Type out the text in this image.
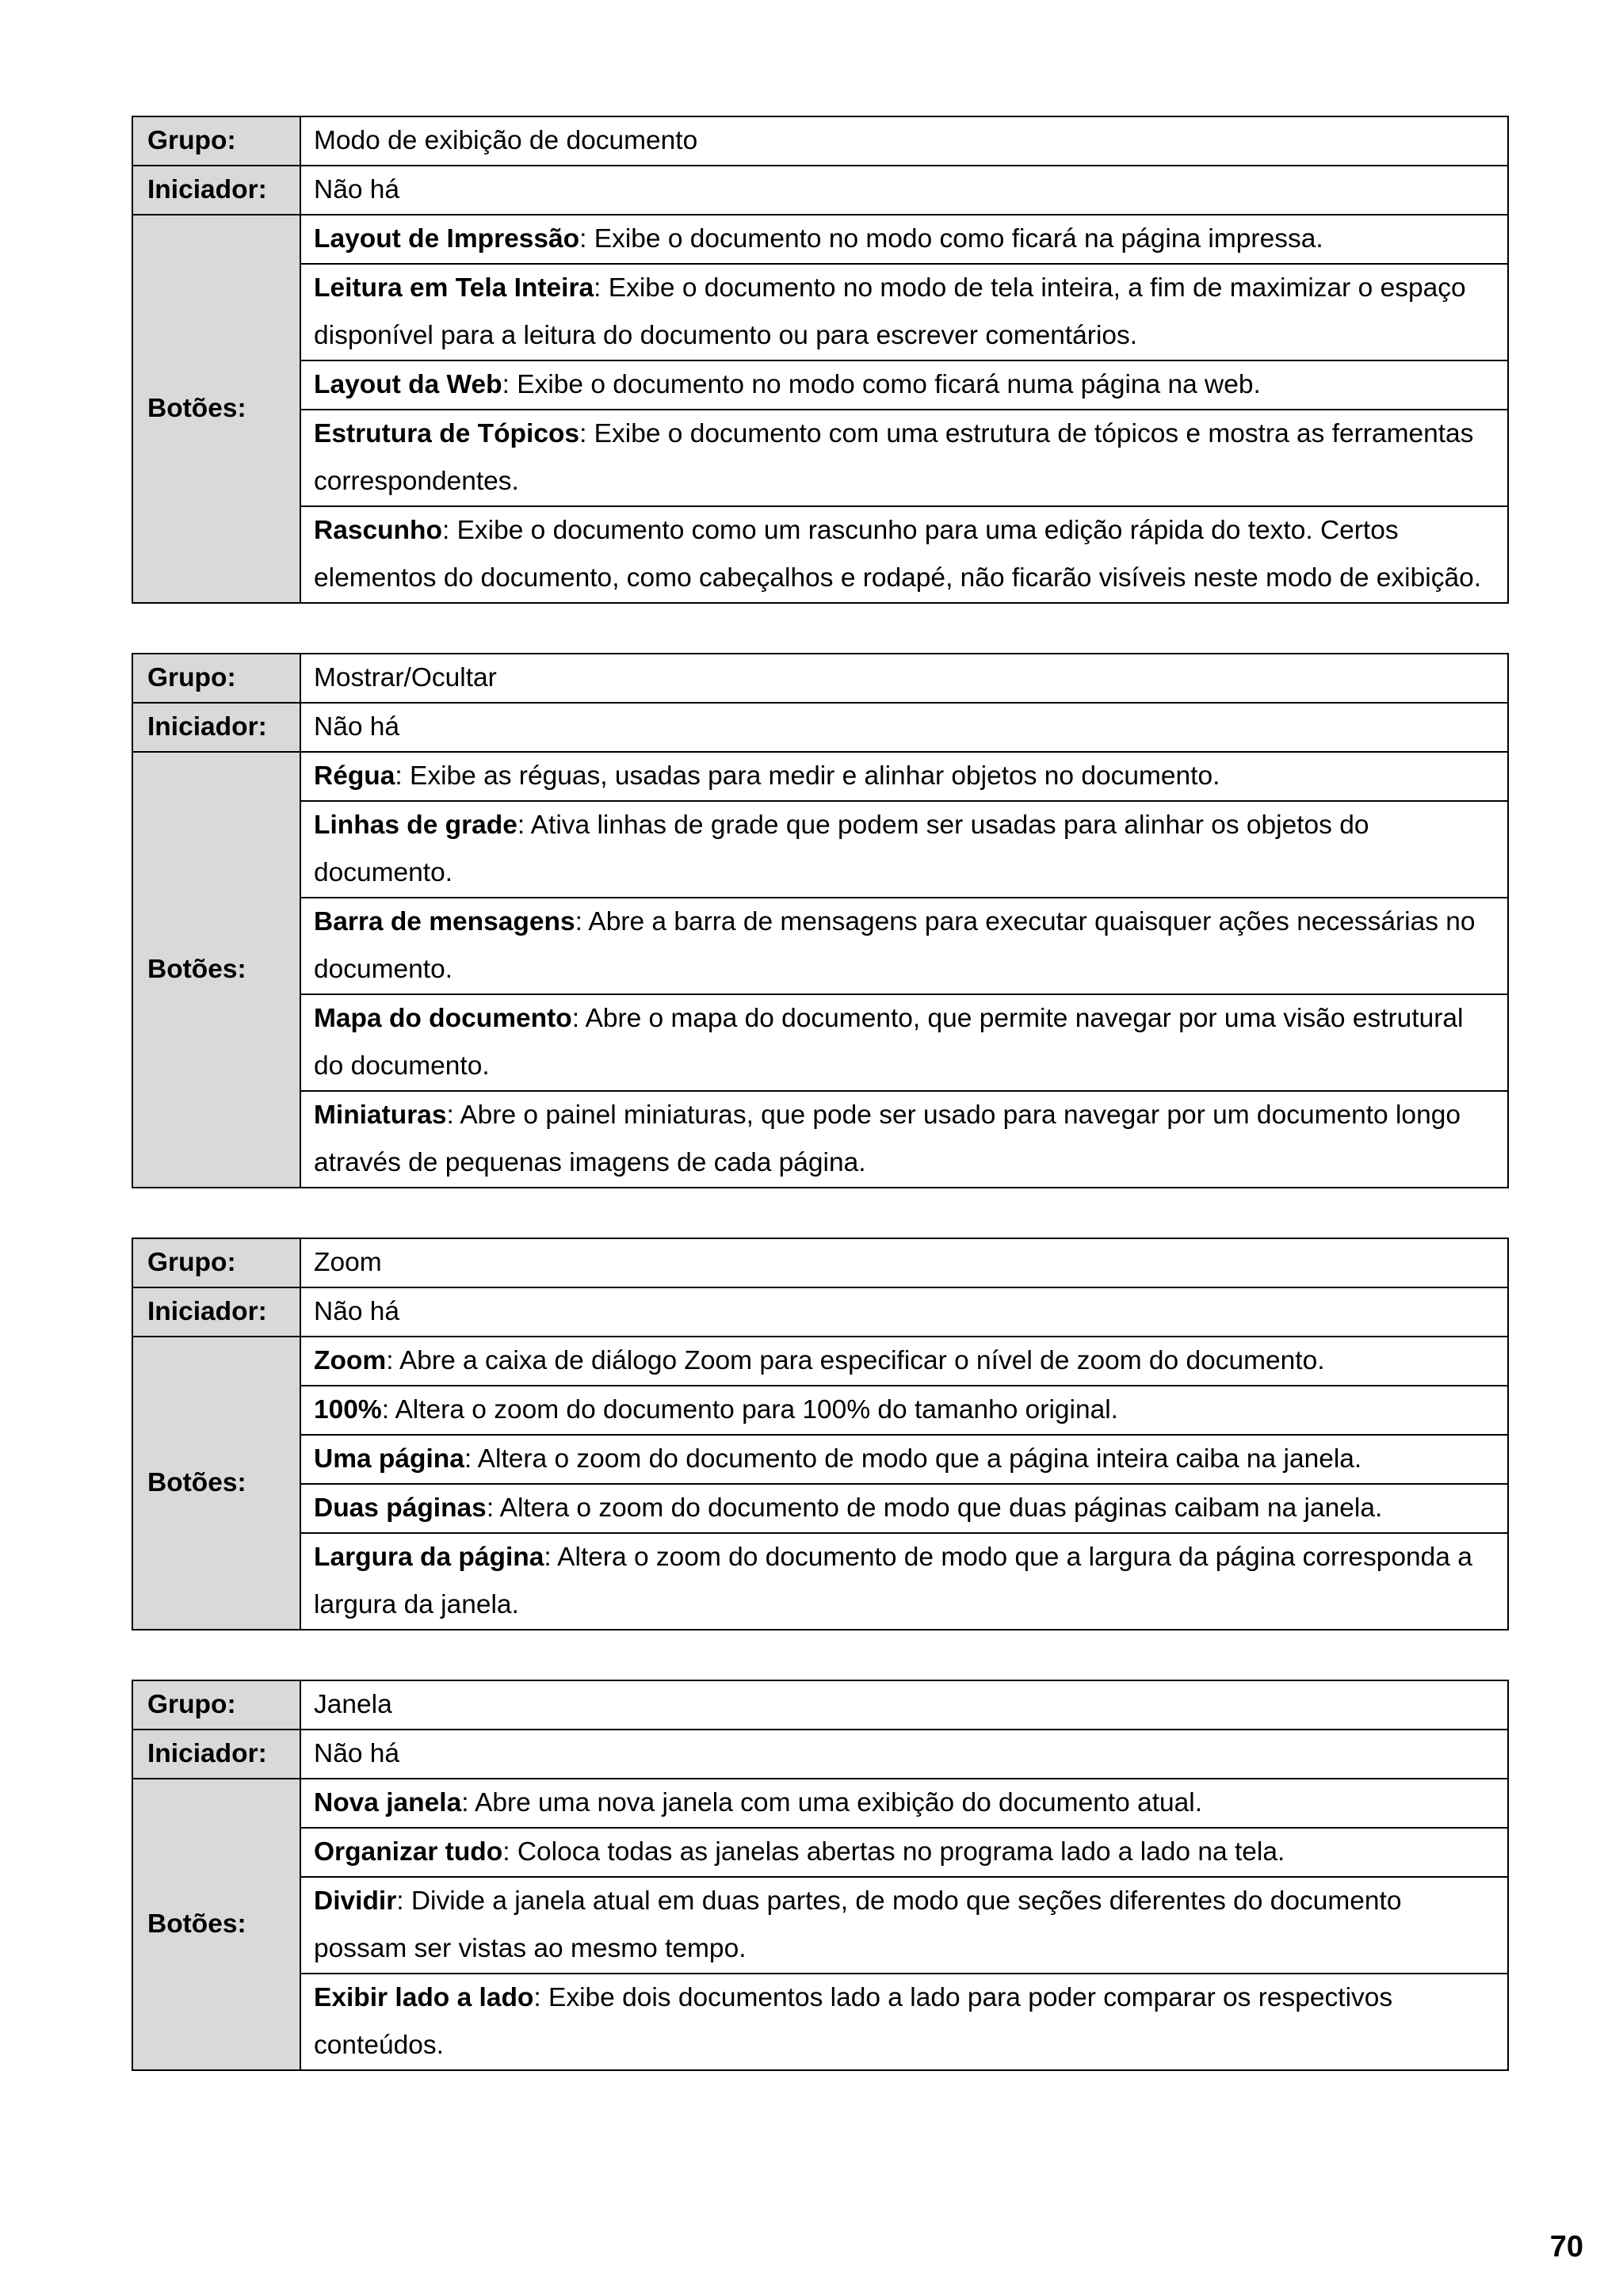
Grupo:	Modo de exibição de documento
Iniciador:	Não há
Botões:	Layout de Impressão: Exibe o documento no modo como ficará na página impressa.
	Leitura em Tela Inteira: Exibe o documento no modo de tela inteira, a fim de maximizar o espaço disponível para a leitura do documento ou para escrever comentários.
	Layout da Web: Exibe o documento no modo como ficará numa página na web.
	Estrutura de Tópicos: Exibe o documento com uma estrutura de tópicos e mostra as ferramentas correspondentes.
	Rascunho: Exibe o documento como um rascunho para uma edição rápida do texto. Certos elementos do documento, como cabeçalhos e rodapé, não ficarão visíveis neste modo de exibição.
Grupo:	Mostrar/Ocultar
Iniciador:	Não há
Botões:	Régua: Exibe as réguas, usadas para medir e alinhar objetos no documento.
	Linhas de grade: Ativa linhas de grade que podem ser usadas para alinhar os objetos do documento.
	Barra de mensagens: Abre a barra de mensagens para executar quaisquer ações necessárias no documento.
	Mapa do documento: Abre o mapa do documento, que permite navegar por uma visão estrutural do documento.
	Miniaturas: Abre o painel miniaturas, que pode ser usado para navegar por um documento longo através de pequenas imagens de cada página.
Grupo:	Zoom
Iniciador:	Não há
Botões:	Zoom: Abre a caixa de diálogo Zoom para especificar o nível de zoom do documento.
	100%: Altera o zoom do documento para 100% do tamanho original.
	Uma página: Altera o zoom do documento de modo que a página inteira caiba na janela.
	Duas páginas: Altera o zoom do documento de modo que duas páginas caibam na janela.
	Largura da página: Altera o zoom do documento de modo que a largura da página corresponda a largura da janela.
Grupo:	Janela
Iniciador:	Não há
Botões:	Nova janela: Abre uma nova janela com uma exibição do documento atual.
	Organizar tudo: Coloca todas as janelas abertas no programa lado a lado na tela.
	Dividir: Divide a janela atual em duas partes, de modo que seções diferentes do documento possam ser vistas ao mesmo tempo.
	Exibir lado a lado: Exibe dois documentos lado a lado para poder comparar os respectivos conteúdos.
70
